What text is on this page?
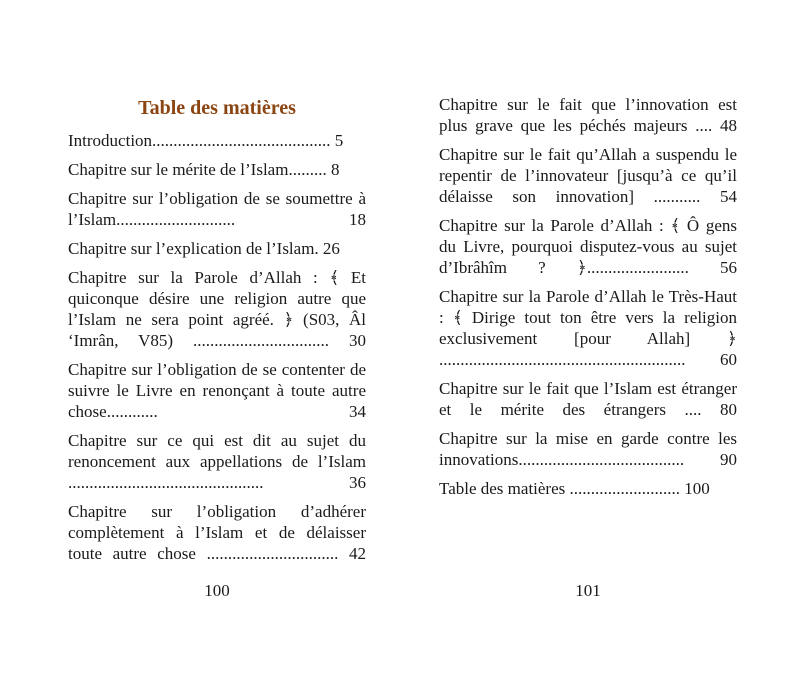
Table des matières
Introduction.......................................... 5
Chapitre sur le mérite de l’Islam......... 8
Chapitre sur l’obligation de se soumettre à l’Islam............................ 18
Chapitre sur l’explication de l’Islam. 26
Chapitre sur la Parole d’Allah : ﴾ Et quiconque désire une religion autre que l’Islam ne sera point agréé. ﴿ (S03, Âl ‘Imrân, V85) ................................ 30
Chapitre sur l’obligation de se contenter de suivre le Livre en renonçant à toute autre chose............ 34
Chapitre sur ce qui est dit au sujet du renoncement aux appellations de l’Islam .............................................. 36
Chapitre sur l’obligation d’adhérer complètement à l’Islam et de délaisser toute autre chose ............................... 42
100
Chapitre sur le fait que l’innovation est plus grave que les péchés majeurs .... 48
Chapitre sur le fait qu’Allah a suspendu le repentir de l’innovateur [jusqu’à ce qu’il délaisse son innovation] ........... 54
Chapitre sur la Parole d’Allah : ﴾ Ô gens du Livre, pourquoi disputez-vous au sujet d’Ibrâhîm ? ﴿........................ 56
Chapitre sur la Parole d’Allah le Très-Haut : ﴾ Dirige tout ton être vers la religion exclusivement [pour Allah] ﴿ .......................................................... 60
Chapitre sur le fait que l’Islam est étranger et le mérite des étrangers .... 80
Chapitre sur la mise en garde contre les innovations....................................... 90
Table des matières .......................... 100
101
